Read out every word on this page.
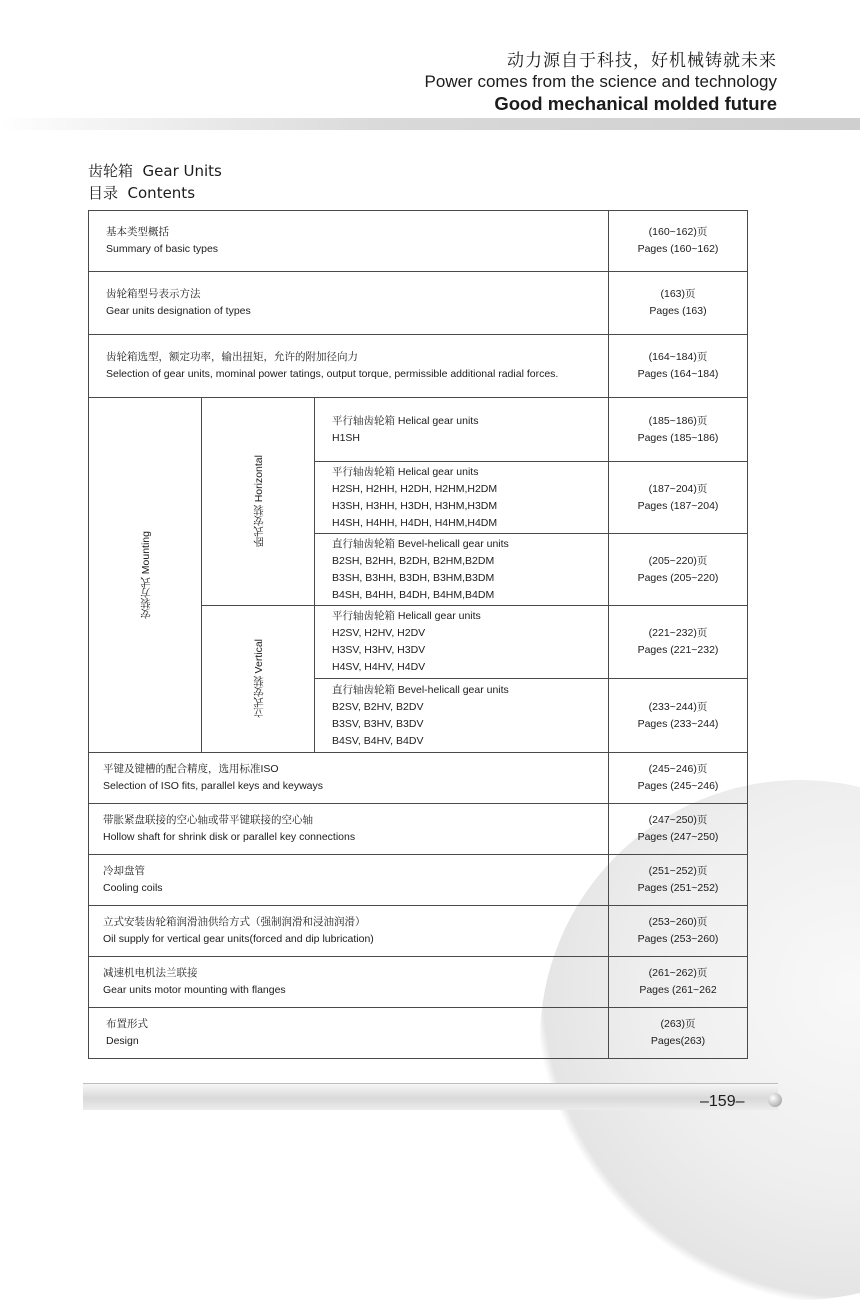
动力源自于科技，好机械铸就未来
Power comes from the science and technology
Good mechanical molded future
齿轮箱  Gear Units
目录  Contents
基本类型概括
Summary of basic types			(160~162)页
Pages (160~162)

齿轮箱型号表示方法
Gear units designation of types			(163)页
Pages (163)

齿轮箱选型，额定功率，输出扭矩，允许的附加径向力
Selection of gear units, mominal power tatings, output torque, permissible additional radial forces.			(164~184)页
Pages (164~184)

安装方式 Mounting	卧式安装 Horizontal	平行轴齿轮箱 Helical gear units
H1SH	(185~186)页
Pages (185~186)

		平行轴齿轮箱 Helical gear units
H2SH, H2HH, H2DH, H2HM,H2DM
H3SH, H3HH, H3DH, H3HM,H3DM
H4SH, H4HH, H4DH, H4HM,H4DM	(187~204)页
Pages (187~204)

		直行轴齿轮箱 Bevel-helicall gear units
B2SH, B2HH, B2DH, B2HM,B2DM
B3SH, B3HH, B3DH, B3HM,B3DM
B4SH, B4HH, B4DH, B4HM,B4DM	(205~220)页
Pages (205~220)

	立式安装 Vertical	平行轴齿轮箱 Helicall gear units
H2SV, H2HV, H2DV
H3SV, H3HV, H3DV
H4SV, H4HV, H4DV	(221~232)页
Pages (221~232)

		直行轴齿轮箱 Bevel-helicall gear units
B2SV, B2HV, B2DV
B3SV, B3HV, B3DV
B4SV, B4HV, B4DV	(233~244)页
Pages (233~244)

平键及键槽的配合精度，选用标准ISO
Selection of ISO fits, parallel keys and keyways			(245~246)页
Pages (245~246)

带胀紧盘联接的空心轴或带平键联接的空心轴
Hollow shaft for shrink disk or parallel key connections			(247~250)页
Pages (247~250)

冷却盘管
Cooling coils			(251~252)页
Pages (251~252)

立式安装齿轮箱润滑油供给方式（强制润滑和浸油润滑）
Oil supply for vertical gear units(forced and dip lubrication)			(253~260)页
Pages (253~260)

减速机电机法兰联接
Gear units motor mounting with flanges			(261~262)页
Pages (261~262

布置形式
Design			(263)页
Pages(263)
–159–
